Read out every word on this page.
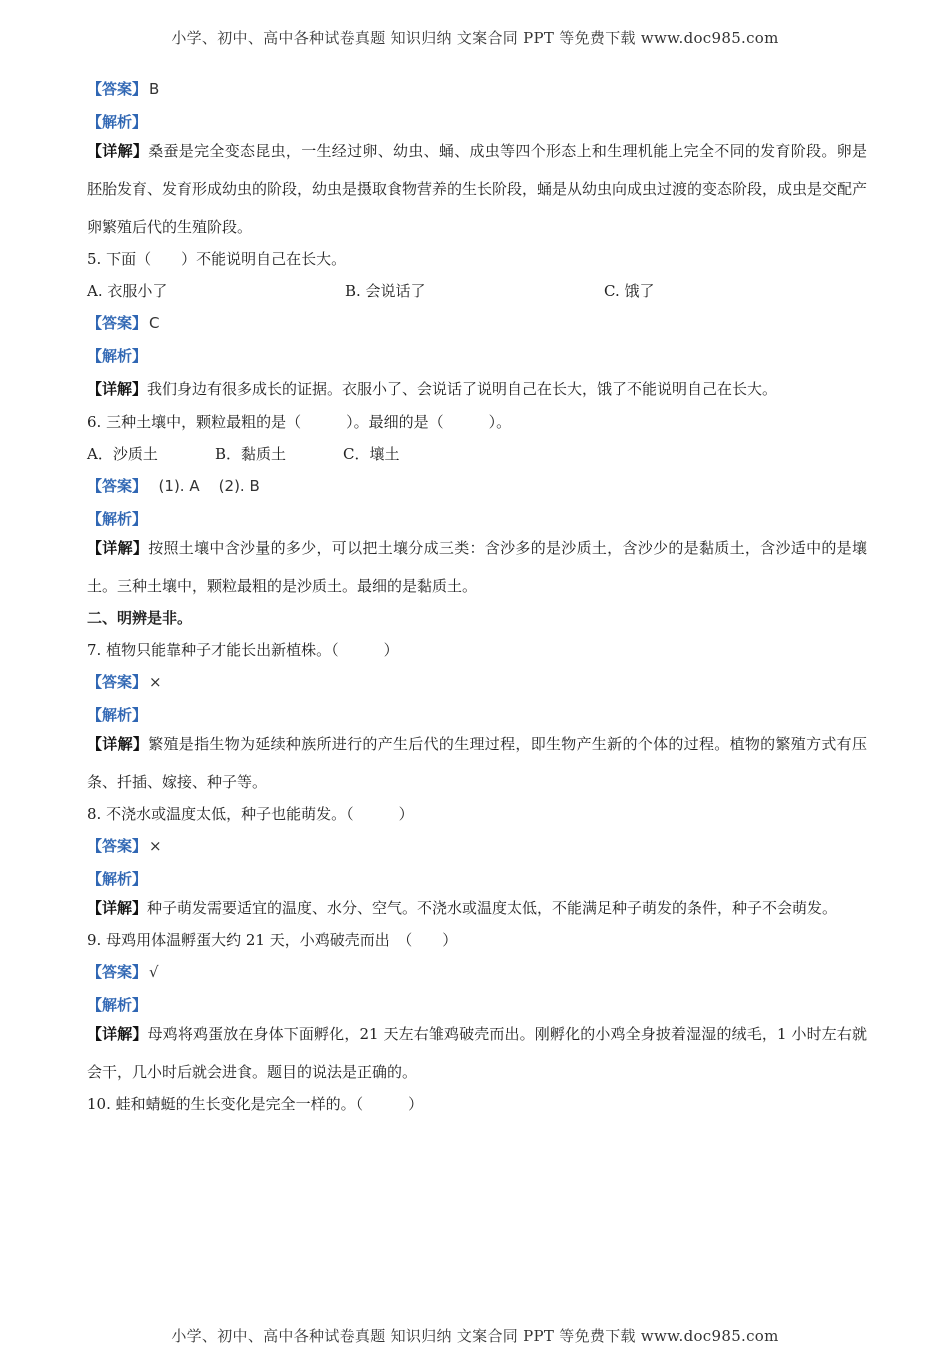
小学、初中、高中各种试卷真题 知识归纳 文案合同 PPT 等免费下载 www.doc985.com

【答案】 B

【解析】

【详解】桑蚕是完全变态昆虫，一生经过卵、幼虫、蛹、成虫等四个形态上和生理机能上完全不同的发育阶段。卵是胚胎发育、发育形成幼虫的阶段，幼虫是摄取食物营养的生长阶段，蛹是从幼虫向成虫过渡的变态阶段，成虫是交配产卵繁殖后代的生殖阶段。

5. 下面（　　）不能说明自己在长大。

A. 衣服小了	B. 会说话了	C. 饿了

【答案】 C

【解析】

【详解】我们身边有很多成长的证据。衣服小了、会说话了说明自己在长大，饿了不能说明自己在长大。

6. 三种土壤中，颗粒最粗的是（　　　）。最细的是（　　　）。

A．沙质土	B．黏质土	C．壤土

【答案】  (1). A    (2). B

【解析】

【详解】按照土壤中含沙量的多少，可以把土壤分成三类：含沙多的是沙质土，含沙少的是黏质土，含沙适中的是壤土。三种土壤中，颗粒最粗的是沙质土。最细的是黏质土。

二、明辨是非。

7. 植物只能靠种子才能长出新植株。（　　　）

【答案】 ×

【解析】

【详解】繁殖是指生物为延续种族所进行的产生后代的生理过程，即生物产生新的个体的过程。植物的繁殖方式有压条、扦插、嫁接、种子等。

8. 不浇水或温度太低，种子也能萌发。（　　　）

【答案】 ×

【解析】

【详解】种子萌发需要适宜的温度、水分、空气。不浇水或温度太低，不能满足种子萌发的条件，种子不会萌发。

9. 母鸡用体温孵蛋大约 21 天，小鸡破壳而出　（　　）

【答案】 √

【解析】

【详解】母鸡将鸡蛋放在身体下面孵化，21 天左右雏鸡破壳而出。刚孵化的小鸡全身披着湿湿的绒毛，1 小时左右就会干，几小时后就会进食。题目的说法是正确的。

10. 蛙和蜻蜓的生长变化是完全一样的。（　　　）

小学、初中、高中各种试卷真题 知识归纳 文案合同 PPT 等免费下载 www.doc985.com
